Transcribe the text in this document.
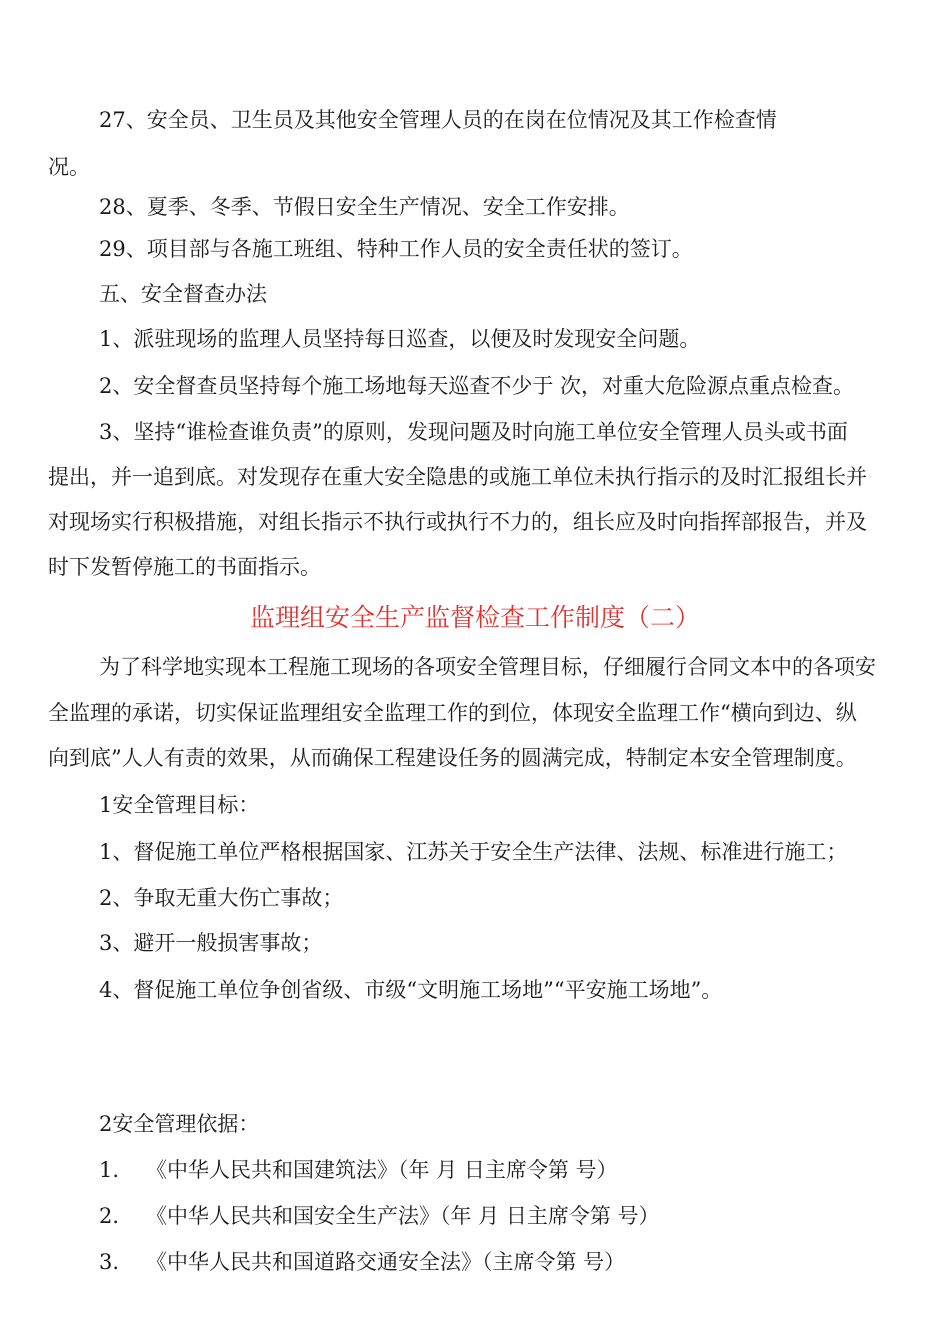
27、安全员、卫生员及其他安全管理人员的在岗在位情况及其工作检查情
况。
28、夏季、冬季、节假日安全生产情况、安全工作安排。
29、项目部与各施工班组、特种工作人员的安全责任状的签订。
五、安全督查办法
1、派驻现场的监理人员坚持每日巡查，以便及时发现安全问题。
2、安全督查员坚持每个施工场地每天巡查不少于 次，对重大危险源点重点检查。
3、坚持“谁检查谁负责”的原则，发现问题及时向施工单位安全管理人员头或书面
提出，并一追到底。对发现存在重大安全隐患的或施工单位未执行指示的及时汇报组长并
对现场实行积极措施，对组长指示不执行或执行不力的，组长应及时向指挥部报告，并及
时下发暂停施工的书面指示。
监理组安全生产监督检查工作制度（二）
为了科学地实现本工程施工现场的各项安全管理目标，仔细履行合同文本中的各项安
全监理的承诺，切实保证监理组安全监理工作的到位，体现安全监理工作“横向到边、纵
向到底”人人有责的效果，从而确保工程建设任务的圆满完成，特制定本安全管理制度。
1安全管理目标：
1、督促施工单位严格根据国家、江苏关于安全生产法律、法规、标准进行施工；
2、争取无重大伤亡事故；
3、避开一般损害事故；
4、督促施工单位争创省级、市级“文明施工场地”“平安施工场地”。
2安全管理依据：
1. 《中华人民共和国建筑法》（年 月 日主席令第 号）
2. 《中华人民共和国安全生产法》（年 月 日主席令第 号）
3. 《中华人民共和国道路交通安全法》（主席令第 号）
